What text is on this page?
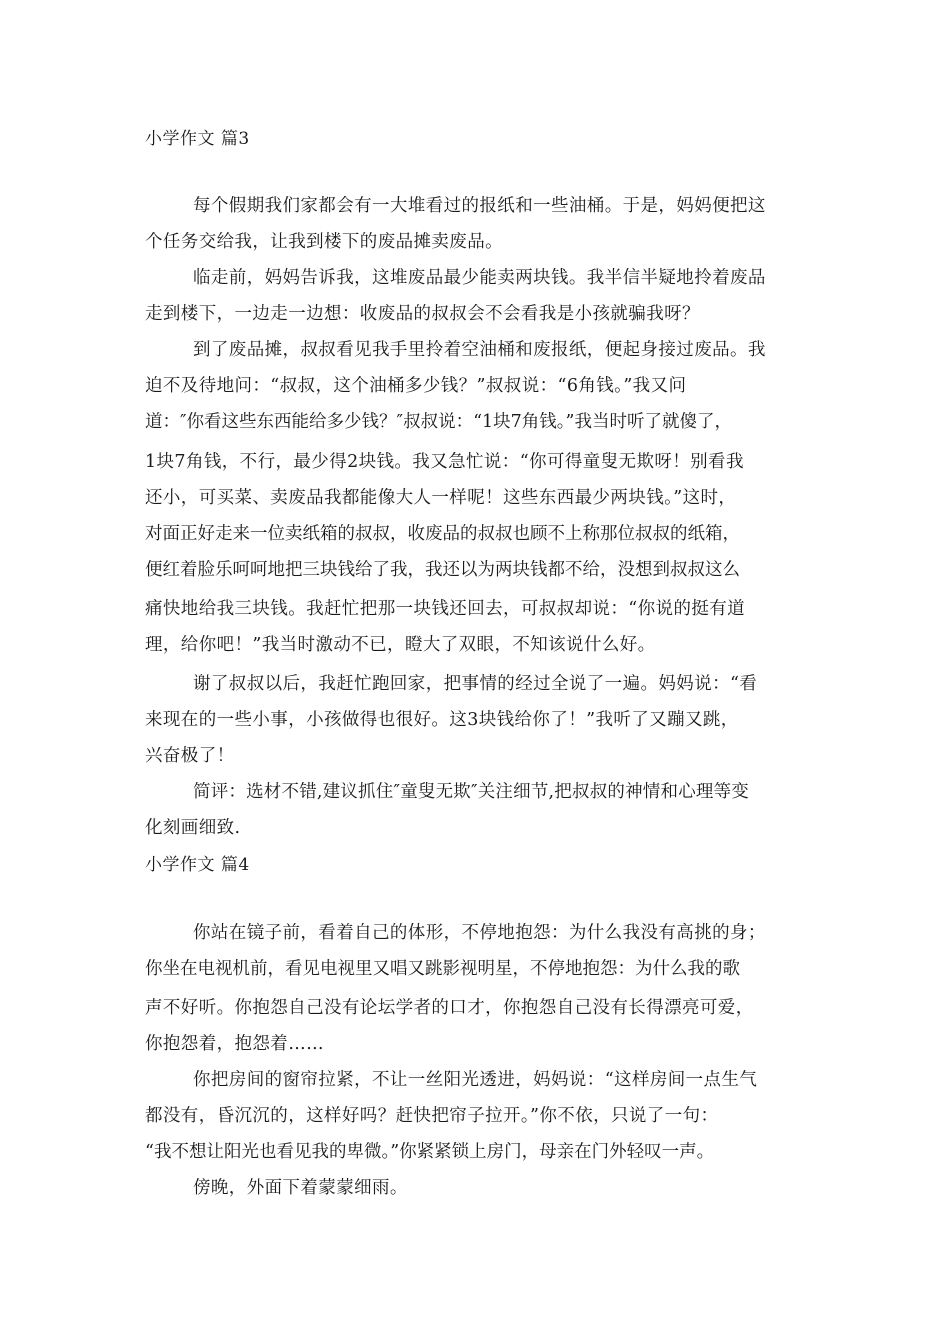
小学作文 篇3
每个假期我们家都会有一大堆看过的报纸和一些油桶。于是，妈妈便把这
个任务交给我，让我到楼下的废品摊卖废品。
临走前，妈妈告诉我，这堆废品最少能卖两块钱。我半信半疑地拎着废品
走到楼下，一边走一边想：收废品的叔叔会不会看我是小孩就骗我呀？
到了废品摊，叔叔看见我手里拎着空油桶和废报纸，便起身接过废品。我
迫不及待地问：“叔叔，这个油桶多少钱？”叔叔说：“6角钱。”我又问
道：″你看这些东西能给多少钱？″叔叔说：“1块7角钱。”我当时听了就傻了，
1块7角钱，不行，最少得2块钱。我又急忙说：“你可得童叟无欺呀！别看我
还小，可买菜、卖废品我都能像大人一样呢！这些东西最少两块钱。”这时，
对面正好走来一位卖纸箱的叔叔，收废品的叔叔也顾不上称那位叔叔的纸箱，
便红着脸乐呵呵地把三块钱给了我，我还以为两块钱都不给，没想到叔叔这么
痛快地给我三块钱。我赶忙把那一块钱还回去，可叔叔却说：“你说的挺有道
理，给你吧！”我当时激动不已，瞪大了双眼，不知该说什么好。
谢了叔叔以后，我赶忙跑回家，把事情的经过全说了一遍。妈妈说：“看
来现在的一些小事，小孩做得也很好。这3块钱给你了！”我听了又蹦又跳，
兴奋极了！
简评：选材不错,建议抓住″童叟无欺″关注细节,把叔叔的神情和心理等变
化刻画细致.
小学作文 篇4
你站在镜子前，看着自己的体形，不停地抱怨：为什么我没有高挑的身；
你坐在电视机前，看见电视里又唱又跳影视明星，不停地抱怨：为什么我的歌
声不好听。你抱怨自己没有论坛学者的口才，你抱怨自己没有长得漂亮可爱，
你抱怨着，抱怨着……
你把房间的窗帘拉紧，不让一丝阳光透进，妈妈说：“这样房间一点生气
都没有，昏沉沉的，这样好吗？赶快把帘子拉开。”你不依，只说了一句：
“我不想让阳光也看见我的卑微。”你紧紧锁上房门，母亲在门外轻叹一声。
傍晚，外面下着蒙蒙细雨。
